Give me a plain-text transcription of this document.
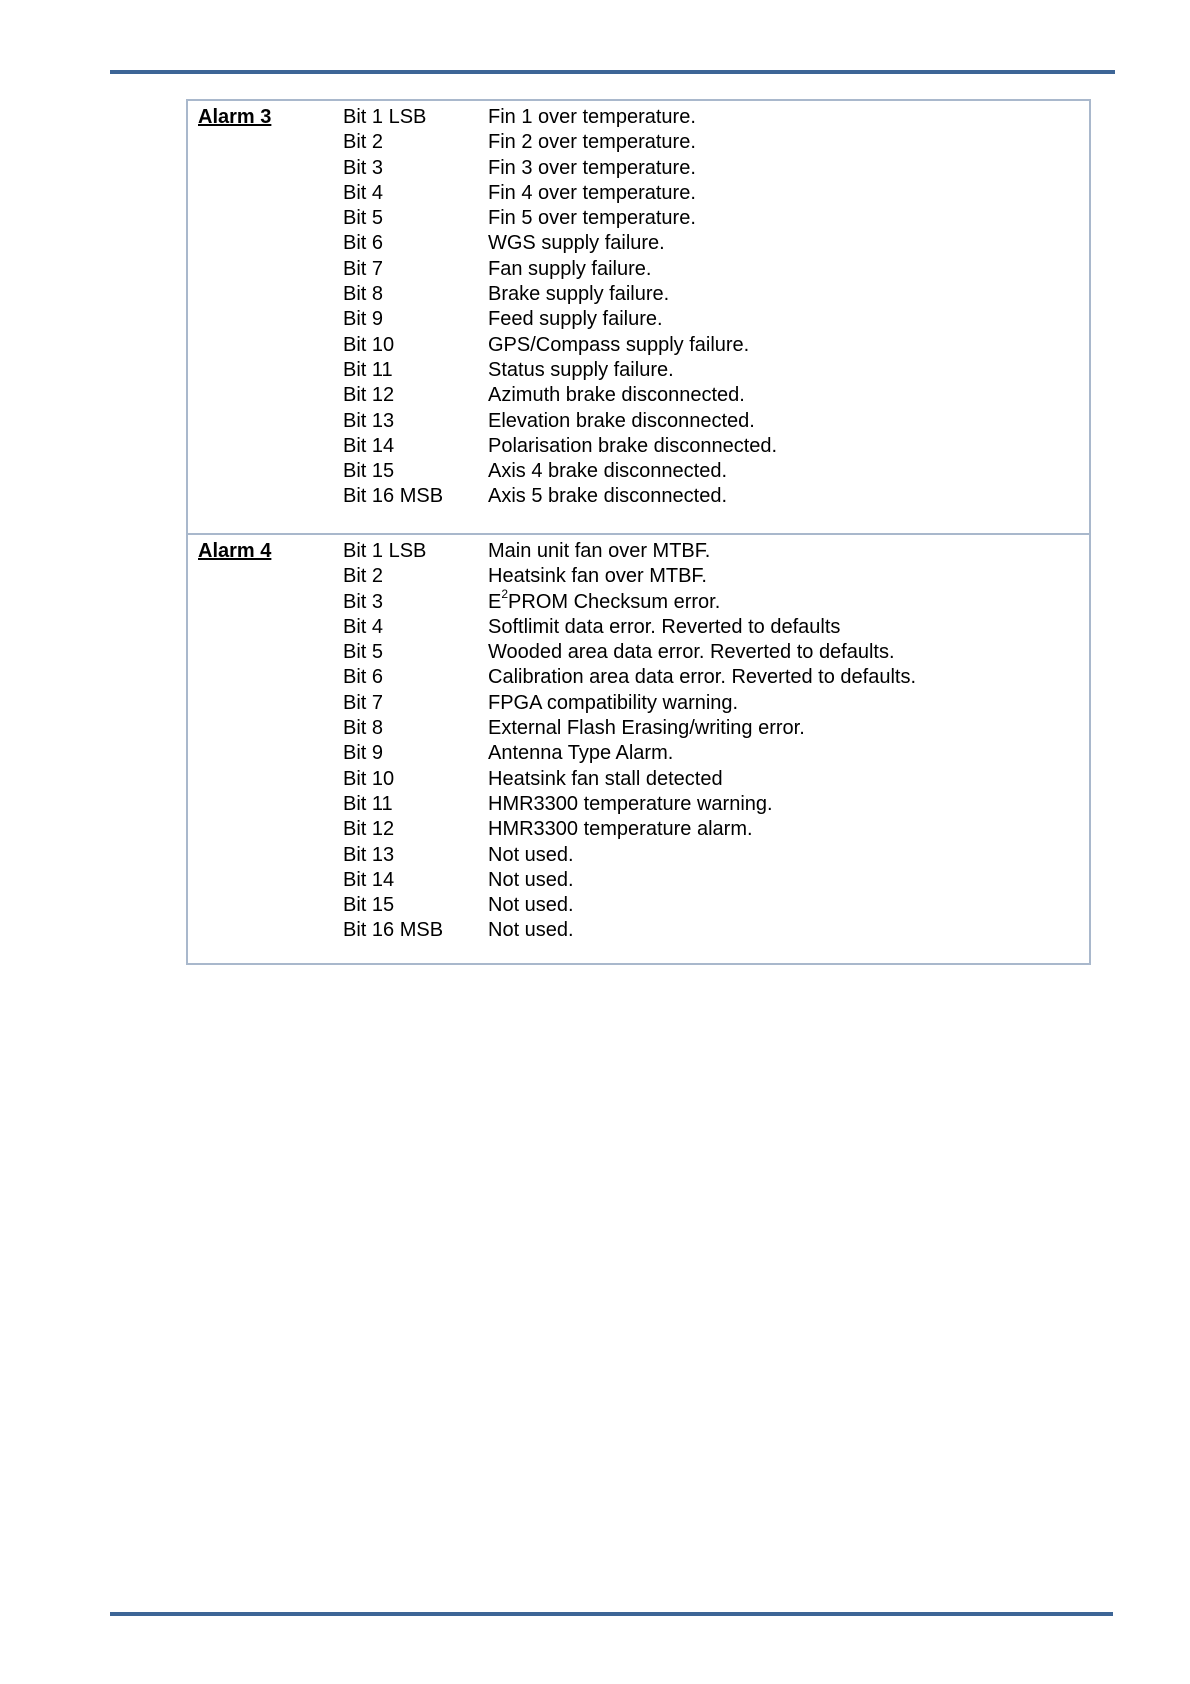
Alarm 3	Bit 1 LSB	Fin 1 over temperature.
Bit 2	Fin 2 over temperature.
Bit 3	Fin 3 over temperature.
Bit 4	Fin 4 over temperature.
Bit 5	Fin 5 over temperature.
Bit 6	WGS supply failure.
Bit 7	Fan supply failure.
Bit 8	Brake supply failure.
Bit 9	Feed supply failure.
Bit 10	GPS/Compass supply failure.
Bit 11	Status supply failure.
Bit 12	Azimuth brake disconnected.
Bit 13	Elevation brake disconnected.
Bit 14	Polarisation brake disconnected.
Bit 15	Axis 4 brake disconnected.
Bit 16 MSB	Axis 5 brake disconnected.
Alarm 4	Bit 1 LSB	Main unit fan over MTBF.
Bit 2	Heatsink fan over MTBF.
Bit 3	$E^2PROM$ Checksum error.
Bit 4	Softlimit data error. Reverted to defaults
Bit 5	Wooded area data error. Reverted to defaults.
Bit 6	Calibration area data error. Reverted to defaults.
Bit 7	FPGA compatibility warning.
Bit 8	External Flash Erasing/writing error.
Bit 9	Antenna Type Alarm.
Bit 10	Heatsink fan stall detected
Bit 11	HMR3300 temperature warning.
Bit 12	HMR3300 temperature alarm.
Bit 13	Not used.
Bit 14	Not used.
Bit 15	Not used.
Bit 16 MSB	Not used.
